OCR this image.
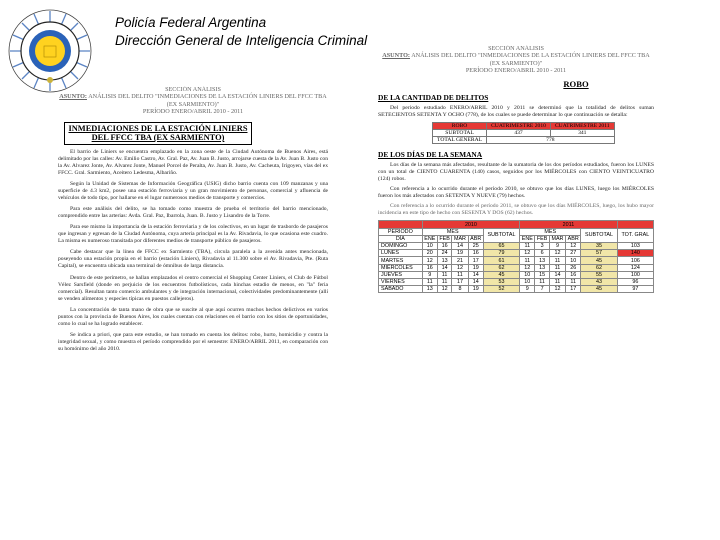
Policía Federal Argentina
Dirección General de Inteligencia Criminal
SECCIÓN ANÁLISIS
ASUNTO: ANÁLISIS DEL DELITO "INMEDIACIONES DE LA ESTACIÓN LINIERS DEL FFCC TBA (EX SARMIENTO)"
PERÍODO ENERO/ABRIL 2010 - 2011
INMEDIACIONES DE LA ESTACIÓN LINIERS DEL FFCC TBA (EX SARMIENTO)

El barrio de Liniers se encuentra emplazado en la zona oeste de la Ciudad Autónoma de Buenos Aires, está delimitado por las calles: Av. Emilio Castro, Av. Gral. Paz, Av. Juan B. Justo, arrojarse cuesta de la Av. Juan B. Justo con la Av. Alvarez Jonte, Av. Alvarez Jonte, Manuel Porcel de Peralta, Av. Juan B. Justo, Av. Cacheuta, Irigoyen, vías del ex FFCC. Gral. Sarmiento, Aceitero Ledesma, Albariño.

Según la Unidad de Sistemas de Información Geográfica (USIG) dicho barrio cuenta con 109 manzanas y una superficie de 4.3 km2, posee una estación ferroviaria y un gran movimiento de personas, comercial y afluencia de vehículos de todo tipo, por hallarse en el lugar numerosos medios de transporte y comercios.

Para este análisis del delito, se ha tomado como muestra de prueba el territorio del barrio mencionado, comprendido entre las arterias: Avda. Gral. Paz, Ibarrola, Juan. B. Justo y Lisandro de la Torre.

Para ese mismo la importancia de la estación ferroviaria y de los colectivos, en un lugar de trasbordo de pasajeros que ingresan y egresan de la Ciudad Autónoma, cuya arteria principal es la Av. Rivadavia, lo que ocasiona este cuadro. La misma es numeroso transitada por diferentes medios de transporte público de pasajeros.

Cabe destacar que la línea de FFCC ex Sarmiento (TBA), circula paralela a la avenida antes mencionada, poseyendo una estación propia en el barrio (estación Liniers), Rivadavia al 11.300 sobre el Av. Rivadavia, Pte. (Ruta Capital), se encuentra ubicada una terminal de ómnibus de larga distancia.

Dentro de este perímetro, se hallan emplazados el centro comercial el Shopping Center Liniers, el Club de Fútbol Vélez Sarsfield (donde en perjuicio de los encuentros futbolísticos, cada hinchas estadio de menos, en "la" feria comercial). Resultan tanto comercio ambulantes y de integración internacional, colectividades predominantemente (allí se venden alimentos y especies típicas en puestos callejeros).

La concentración de tanta mano de obra que se suscite al que aquí ocurren muchos hechos delictivos en varios puntos con la provincia de Buenos Aires, los cuales cuentan con relaciones en el barrio con los sitios de oportunidades, como lo cual se ha logrado establecer.

Se indica a priori, que para este estudio, se han tomado en cuenta los delitos: robo, hurto, homicidio y contra la integridad sexual, y como muestra el período comprendido por el semestre: ENERO/ABRIL 2011, en comparación con su homónimo del año 2010.

SECCIÓN ANÁLISIS
ASUNTO: ANÁLISIS DEL DELITO "INMEDIACIONES DE LA ESTACIÓN LINIERS DEL FFCC TBA (EX SARMIENTO)"
PERÍODO ENERO/ABRIL 2010 - 2011
ROBO
DE LA CANTIDAD DE DELITOS

Del periodo estudiado ENERO/ABRIL 2010 y 2011 se determinó que la totalidad de delitos suman SETECIENTOS SETENTA Y OCHO (778), de los cuales se puede determinar lo que continuación se detalla:

ROBO	CUATRIMESTRE 2010	CUATRIMESTRE 2011
SUBTOTAL	437	341
TOTAL GENERAL	778	
DE LOS DÍAS DE LA SEMANA

Los días de la semana más afectados, resultante de la sumatoria de los dos períodos estudiados, fueron los LUNES con un total de CIENTO CUARENTA (140) casos, seguidos por los MIÉRCOLES con CIENTO VEINTICUATRO (124) robos.

Con referencia a lo ocurrido durante el período 2010, se obtuvo que los días LUNES, luego los MIÉRCOLES fueron los más afectados con SETENTA Y NUEVE (79) hechos.

Con referencia a lo ocurrido durante el período 2011, se obtuvo que los días MIÉRCOLES, luego, los hubo mayor incidencia en este tipo de hecho con SESENTA Y DOS (62) hechos.

	2010					2011					
PERIODO	MES				SUBTOTAL	MES				SUBTOTAL	TOT. GRAL
DÍA	ENE	FEB	MAR	ABR		ENE	FEB	MAR	ABR		
DOMINGO	10	16	14	25	65	11	3	9	12	35	103
LUNES	20	24	19	16	79	12	6	12	27	57	140
MARTES	12	13	21	17	61	11	13	11	10	45	106
MIÉRCOLES	16	14	12	19	62	12	13	11	26	62	124
JUEVES	9	11	11	14	45	10	15	14	16	55	100
VIERNES	11	11	17	14	53	10	11	11	11	43	96
SÁBADO	13	12	8	19	52	9	7	12	17	45	97
